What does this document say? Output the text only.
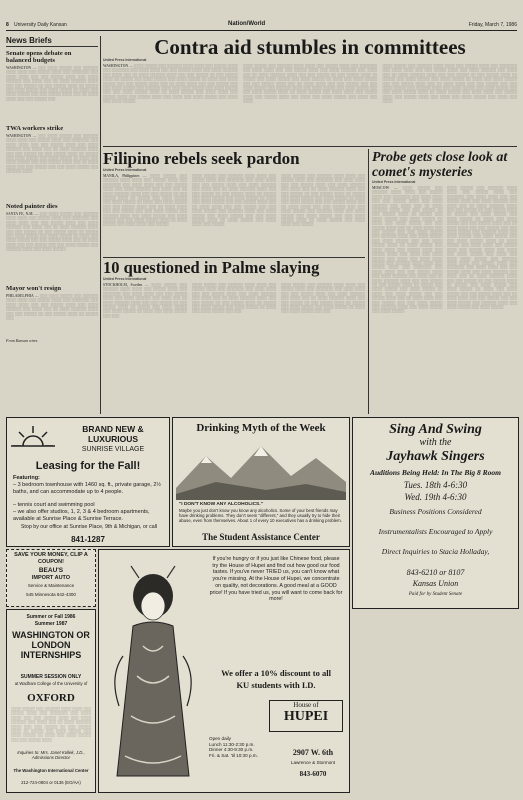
8 University Daily Kansan	Nation/World	Friday, March 7, 1986
News Briefs
Senate opens debate on balanced budgets
WASHINGTON — ░░░ ░░░░ ░░░░░ ░░░ ░░░░░░ ░░░░ ░░░░ ░░░ ░░░░░ ░░░░ ░░░ ░░░░░░░ ░░░ ░░░░ ░░░░ ░░░ ░░░ ░░░░░ ░░░░ ░░░ ░░░░ ░░░░░░ ░░░ ░░░░ ░░░ ░░ ░░░░ ░░░░░░ ░░░░ ░░░ ░░░ ░░░░░ ░░ ░░░ ░░░░░ ░░░░ ░░ ░░░░░ ░░░ ░░░░ ░░░░░ ░░░ ░░░░ ░░░░░ ░░ ░░░░ ░░░ ░░░░ ░░░░░ ░░░ ░░░ ░░░░░ ░░░░ ░░░ ░░ ░░░░ ░░░░ ░░░ ░░░ ░░░░░ ░░░
TWA workers strike
WASHINGTON — ░░░ ░░░░ ░░░░░ ░░░ ░░░░░░ ░░░░ ░░░░ ░░░ ░░░░░ ░░░░ ░░░ ░░░░░░░ ░░░ ░░░░ ░░░░ ░░░ ░░░ ░░░░░ ░░░░ ░░░ ░░░░ ░░░░░░ ░░░ ░░░░ ░░░ ░░ ░░░░ ░░░░░░ ░░░░ ░░░ ░░░ ░░░░░ ░░ ░░░ ░░░░░ ░░░░ ░░ ░░░░░ ░░░ ░░░░ ░░░░░ ░░░ ░░░░ ░░░░░ ░░ ░░░░ ░░░ ░░░░ ░░░░░ ░░░ ░░░ ░░░░░ ░░░░ ░░░ ░░ ░░░░ ░░░░ ░░░ ░░░ ░░░░░ ░░░ ░░░ ░░░░ ░░░░░ ░░░ ░░░░░░ ░░░░
Noted painter dies
SANTA FE, N.M. — ░░░ ░░░░ ░░░░░ ░░░ ░░░░░░ ░░░░ ░░░░ ░░░ ░░░░░ ░░░░ ░░░ ░░░░░░░ ░░░ ░░░░ ░░░░ ░░░ ░░░ ░░░░░ ░░░░ ░░░ ░░░░ ░░░░░░ ░░░ ░░░░ ░░░ ░░ ░░░░ ░░░░░░ ░░░░ ░░░ ░░░ ░░░░░ ░░ ░░░ ░░░░░ ░░░░ ░░ ░░░░░ ░░░ ░░░░ ░░░░░ ░░░ ░░░░ ░░░░░ ░░ ░░░░ ░░░ ░░░░ ░░░░░ ░░░ ░░░ ░░░░░ ░░░░ ░░░ ░░ ░░░░ ░░░░ ░░░ ░░░ ░░░░░ ░░░ ░░░ ░░░░ ░░░░░ ░░░ ░░░░░░ ░░░░ ░░░ ░░░░ ░░░░░
Mayor won't resign
PHILADELPHIA — ░░░ ░░░░ ░░░░░ ░░░ ░░░░░░ ░░░░ ░░░░ ░░░ ░░░░░ ░░░░ ░░░ ░░░░░░░ ░░░ ░░░░ ░░░░ ░░░ ░░░ ░░░░░ ░░░░ ░░░ ░░░░ ░░░░░░ ░░░ ░░░░ ░░░ ░░ ░░░░ ░░░░░░ ░░░░ ░░░ ░░░ ░░░░░ ░░ ░░░ ░░░░░ ░░░░ ░░ ░░░░░ ░░░
From Kansan wires
Contra aid stumbles in committees
United Press International
WASHINGTON — ░░░░ ░░░░░ ░░░ ░░░░░░ ░░░░ ░░░░ ░░░ ░░░░░ ░░░░ ░░░ ░░░░░░░ ░░░ ░░░░ ░░░░ ░░░ ░░░ ░░░░░ ░░░░ ░░░ ░░░░ ░░░░░░ ░░░ ░░░░ ░░░ ░░ ░░░░ ░░░░░░ ░░░░ ░░░ ░░░ ░░░░░ ░░ ░░░ ░░░░░ ░░░░ ░░ ░░░░░ ░░░ ░░░░ ░░░░░ ░░░ ░░░░ ░░░░░ ░░ ░░░░ ░░░ ░░░░ ░░░░░ ░░░ ░░░ ░░░░░ ░░░░ ░░░ ░░ ░░░░ ░░░░ ░░░ ░░░ ░░░░░ ░░░ ░░░ ░░░░ ░░░░░ ░░░ ░░░░░░ ░░░░ ░░░ ░░░░ ░░░░░ ░░░ ░░░░ ░░░░░ ░░░ ░░░ ░░░░ ░░░░░ ░░░░ ░░ ░░░░ ░░░░░ ░░░ ░░░░ ░░░░ ░░░ ░░░░░ ░░░░ ░░░ ░░░░░ ░░░░ ░░░ ░░░░ ░░░ ░░░░ ░░░░░ ░░░ ░░░░ ░░░ ░░░░ ░░░░░
░░░░ ░░░░░ ░░░ ░░░░░░ ░░░░ ░░░░ ░░░ ░░░░░ ░░░░ ░░░ ░░░░░░░ ░░░ ░░░░ ░░░░ ░░░ ░░░ ░░░░░ ░░░░ ░░░ ░░░░ ░░░░░░ ░░░ ░░░░ ░░░ ░░ ░░░░ ░░░░░░ ░░░░ ░░░ ░░░ ░░░░░ ░░ ░░░ ░░░░░ ░░░░ ░░ ░░░░░ ░░░ ░░░░ ░░░░░ ░░░ ░░░░ ░░░░░ ░░ ░░░░ ░░░ ░░░░ ░░░░░ ░░░ ░░░ ░░░░░ ░░░░ ░░░ ░░ ░░░░ ░░░░ ░░░ ░░░ ░░░░░ ░░░ ░░░ ░░░░ ░░░░░ ░░░ ░░░░░░ ░░░░ ░░░ ░░░░ ░░░░░ ░░░ ░░░░ ░░░░░ ░░░ ░░░ ░░░░ ░░░░░ ░░░░ ░░ ░░░░ ░░░░░ ░░░ ░░░░ ░░░░ ░░░ ░░░░░ ░░░░ ░░░ ░░░░░ ░░░░ ░░░ ░░░░ ░░░ ░░░░ ░░░░░ ░░░ ░░░░ ░░░ ░░░░
░░░░ ░░░░░ ░░░ ░░░░░░ ░░░░ ░░░░ ░░░ ░░░░░ ░░░░ ░░░ ░░░░░░░ ░░░ ░░░░ ░░░░ ░░░ ░░░ ░░░░░ ░░░░ ░░░ ░░░░ ░░░░░░ ░░░ ░░░░ ░░░ ░░ ░░░░ ░░░░░░ ░░░░ ░░░ ░░░ ░░░░░ ░░ ░░░ ░░░░░ ░░░░ ░░ ░░░░░ ░░░ ░░░░ ░░░░░ ░░░ ░░░░ ░░░░░ ░░ ░░░░ ░░░ ░░░░ ░░░░░ ░░░ ░░░ ░░░░░ ░░░░ ░░░ ░░ ░░░░ ░░░░ ░░░ ░░░ ░░░░░ ░░░ ░░░ ░░░░ ░░░░░ ░░░ ░░░░░░ ░░░░ ░░░ ░░░░ ░░░░░ ░░░ ░░░░ ░░░░░ ░░░ ░░░ ░░░░ ░░░░░ ░░░░ ░░ ░░░░ ░░░░░ ░░░ ░░░░ ░░░░ ░░░ ░░░░░ ░░░░ ░░░ ░░░░░ ░░░░ ░░░ ░░░░ ░░░ ░░░░ ░░░░░ ░░░ ░░░░ ░░░ ░░░░
Filipino rebels seek pardon
United Press International
MANILA, Philippines — ░░░░ ░░░░░ ░░░ ░░░░░░ ░░░░ ░░░░ ░░░ ░░░░░ ░░░░ ░░░ ░░░░░░░ ░░░ ░░░░ ░░░░ ░░░ ░░░ ░░░░░ ░░░░ ░░░ ░░░░ ░░░░░░ ░░░ ░░░░ ░░░ ░░ ░░░░ ░░░░░░ ░░░░ ░░░ ░░░ ░░░░░ ░░ ░░░ ░░░░░ ░░░░ ░░ ░░░░░ ░░░ ░░░░ ░░░░░ ░░░ ░░░░ ░░░░░ ░░ ░░░░ ░░░ ░░░░ ░░░░░ ░░░ ░░░ ░░░░░ ░░░░ ░░░ ░░ ░░░░ ░░░░ ░░░ ░░░ ░░░░░ ░░░ ░░░ ░░░░ ░░░░░ ░░░ ░░░░░░ ░░░░ ░░░ ░░░░ ░░░░░ ░░░ ░░░░ ░░░░░ ░░░ ░░░ ░░░░ ░░░░░ ░░░░ ░░ ░░░░ ░░░░░ ░░░ ░░░░ ░░░░ ░░░ ░░░░░
░░░░ ░░░░░ ░░░ ░░░░░░ ░░░░ ░░░░ ░░░ ░░░░░ ░░░░ ░░░ ░░░░░░░ ░░░ ░░░░ ░░░░ ░░░ ░░░ ░░░░░ ░░░░ ░░░ ░░░░ ░░░░░░ ░░░ ░░░░ ░░░ ░░ ░░░░ ░░░░░░ ░░░░ ░░░ ░░░ ░░░░░ ░░ ░░░ ░░░░░ ░░░░ ░░ ░░░░░ ░░░ ░░░░ ░░░░░ ░░░ ░░░░ ░░░░░ ░░ ░░░░ ░░░ ░░░░ ░░░░░ ░░░ ░░░ ░░░░░ ░░░░ ░░░ ░░ ░░░░ ░░░░ ░░░ ░░░ ░░░░░ ░░░ ░░░ ░░░░ ░░░░░ ░░░ ░░░░░░ ░░░░ ░░░ ░░░░ ░░░░░ ░░░ ░░░░ ░░░░░ ░░░ ░░░ ░░░░ ░░░░░ ░░░░ ░░ ░░░░ ░░░░░ ░░░ ░░░░ ░░░░ ░░░ ░░░░░
░░░░ ░░░░░ ░░░ ░░░░░░ ░░░░ ░░░░ ░░░ ░░░░░ ░░░░ ░░░ ░░░░░░░ ░░░ ░░░░ ░░░░ ░░░ ░░░ ░░░░░ ░░░░ ░░░ ░░░░ ░░░░░░ ░░░ ░░░░ ░░░ ░░ ░░░░ ░░░░░░ ░░░░ ░░░ ░░░ ░░░░░ ░░ ░░░ ░░░░░ ░░░░ ░░ ░░░░░ ░░░ ░░░░ ░░░░░ ░░░ ░░░░ ░░░░░ ░░ ░░░░ ░░░ ░░░░ ░░░░░ ░░░ ░░░ ░░░░░ ░░░░ ░░░ ░░ ░░░░ ░░░░ ░░░ ░░░ ░░░░░ ░░░ ░░░ ░░░░ ░░░░░ ░░░ ░░░░░░ ░░░░ ░░░ ░░░░ ░░░░░ ░░░ ░░░░ ░░░░░ ░░░ ░░░ ░░░░ ░░░░░ ░░░░ ░░ ░░░░ ░░░░░ ░░░ ░░░░ ░░░░ ░░░ ░░░░░
10 questioned in Palme slaying
United Press International
STOCKHOLM, Sweden — ░░░░ ░░░░░ ░░░ ░░░░░░ ░░░░ ░░░░ ░░░ ░░░░░ ░░░░ ░░░ ░░░░░░░ ░░░ ░░░░ ░░░░ ░░░ ░░░ ░░░░░ ░░░░ ░░░ ░░░░ ░░░░░░ ░░░ ░░░░ ░░░ ░░ ░░░░ ░░░░░░ ░░░░ ░░░ ░░░ ░░░░░ ░░ ░░░ ░░░░░ ░░░░ ░░ ░░░░░ ░░░ ░░░░ ░░░░░ ░░░ ░░░░ ░░░░░ ░░ ░░░░ ░░░ ░░░░ ░░░░░ ░░░ ░░░
░░░░ ░░░░░ ░░░ ░░░░░░ ░░░░ ░░░░ ░░░ ░░░░░ ░░░░ ░░░ ░░░░░░░ ░░░ ░░░░ ░░░░ ░░░ ░░░ ░░░░░ ░░░░ ░░░ ░░░░ ░░░░░░ ░░░ ░░░░ ░░░ ░░ ░░░░ ░░░░░░ ░░░░ ░░░ ░░░ ░░░░░ ░░ ░░░ ░░░░░ ░░░░ ░░ ░░░░░ ░░░ ░░░░ ░░░░░ ░░░ ░░░░ ░░░░░ ░░ ░░░░ ░░░ ░░░░ ░░░░░ ░░░ ░░░
░░░░ ░░░░░ ░░░ ░░░░░░ ░░░░ ░░░░ ░░░ ░░░░░ ░░░░ ░░░ ░░░░░░░ ░░░ ░░░░ ░░░░ ░░░ ░░░ ░░░░░ ░░░░ ░░░ ░░░░ ░░░░░░ ░░░ ░░░░ ░░░ ░░ ░░░░ ░░░░░░ ░░░░ ░░░ ░░░ ░░░░░ ░░ ░░░ ░░░░░ ░░░░ ░░ ░░░░░ ░░░ ░░░░ ░░░░░ ░░░ ░░░░ ░░░░░ ░░ ░░░░ ░░░ ░░░░ ░░░░░ ░░░ ░░░
Probe gets close look at comet's mysteries
United Press International
MOSCOW — ░░░░ ░░░░░ ░░░ ░░░░░░ ░░░░ ░░░░ ░░░ ░░░░░ ░░░░ ░░░ ░░░░░░░ ░░░ ░░░░ ░░░░ ░░░ ░░░ ░░░░░ ░░░░ ░░░ ░░░░ ░░░░░░ ░░░ ░░░░ ░░░ ░░ ░░░░ ░░░░░░ ░░░░ ░░░ ░░░ ░░░░░ ░░ ░░░ ░░░░░ ░░░░ ░░ ░░░░░ ░░░ ░░░░ ░░░░░ ░░░ ░░░░ ░░░░░ ░░ ░░░░ ░░░ ░░░░ ░░░░░ ░░░ ░░░ ░░░░░ ░░░░ ░░░ ░░ ░░░░ ░░░░ ░░░ ░░░ ░░░░░ ░░░ ░░░ ░░░░ ░░░░░ ░░░ ░░░░░░ ░░░░ ░░░ ░░░░ ░░░░░ ░░░ ░░░░ ░░░░░ ░░░ ░░░ ░░░░ ░░░░░ ░░░░ ░░ ░░░░ ░░░░░ ░░░ ░░░░ ░░░░ ░░░ ░░░░░ ░░░░ ░░░ ░░░░░ ░░░░ ░░░ ░░░░ ░░░ ░░░░ ░░░░░ ░░░ ░░░░ ░░░ ░░░░ ░░░░ ░░░░░ ░░░ ░░░░░░ ░░░░ ░░░░ ░░░ ░░░░░ ░░░░ ░░░ ░░░░░░░ ░░░ ░░░░ ░░░░ ░░░ ░░░ ░░░░░ ░░░░ ░░░ ░░░░ ░░░░░░ ░░░ ░░░░ ░░░ ░░ ░░░░ ░░░░░░ ░░░░ ░░░ ░░░ ░░░░░ ░░ ░░░ ░░░░░ ░░░░ ░░ ░░░░░ ░░░ ░░░░ ░░░░░ ░░░ ░░░░ ░░░░░ ░░ ░░░░ ░░░ ░░░░ ░░░░░ ░░░ ░░░ ░░░░░ ░░░░ ░░░ ░░ ░░░░ ░░░░ ░░░ ░░░ ░░░░░ ░░░ ░░░ ░░░░ ░░░░░ ░░░ ░░░░░░ ░░░░ ░░░ ░░░░ ░░░░░ ░░░ ░░░░ ░░░░░
░░░░ ░░░░░ ░░░ ░░░░░░ ░░░░ ░░░░ ░░░ ░░░░░ ░░░░ ░░░ ░░░░░░░ ░░░ ░░░░ ░░░░ ░░░ ░░░ ░░░░░ ░░░░ ░░░ ░░░░ ░░░░░░ ░░░ ░░░░ ░░░ ░░ ░░░░ ░░░░░░ ░░░░ ░░░ ░░░ ░░░░░ ░░ ░░░ ░░░░░ ░░░░ ░░ ░░░░░ ░░░ ░░░░ ░░░░░ ░░░ ░░░░ ░░░░░ ░░ ░░░░ ░░░ ░░░░ ░░░░░ ░░░ ░░░ ░░░░░ ░░░░ ░░░ ░░ ░░░░ ░░░░ ░░░ ░░░ ░░░░░ ░░░ ░░░ ░░░░ ░░░░░ ░░░ ░░░░░░ ░░░░ ░░░ ░░░░ ░░░░░ ░░░ ░░░░ ░░░░░ ░░░ ░░░ ░░░░ ░░░░░ ░░░░ ░░ ░░░░ ░░░░░ ░░░ ░░░░ ░░░░ ░░░ ░░░░░ ░░░░ ░░░ ░░░░░ ░░░░ ░░░ ░░░░ ░░░ ░░░░ ░░░░░ ░░░ ░░░░ ░░░ ░░░░ ░░░░ ░░░░░ ░░░ ░░░░░░ ░░░░ ░░░░ ░░░ ░░░░░ ░░░░ ░░░ ░░░░░░░ ░░░ ░░░░ ░░░░ ░░░ ░░░ ░░░░░ ░░░░ ░░░ ░░░░ ░░░░░░ ░░░ ░░░░ ░░░ ░░ ░░░░ ░░░░░░ ░░░░ ░░░ ░░░ ░░░░░ ░░ ░░░ ░░░░░ ░░░░ ░░ ░░░░░ ░░░ ░░░░ ░░░░░ ░░░ ░░░░ ░░░░░ ░░ ░░░░ ░░░ ░░░░ ░░░░░ ░░░ ░░░ ░░░░░ ░░░░ ░░░ ░░ ░░░░ ░░░░ ░░░ ░░░ ░░░░░ ░░░ ░░░ ░░░░ ░░░░░ ░░░ ░░░░░░ ░░░░ ░░░ ░░░░ ░░░░░ ░░░ ░░░░ ░░░░░
BRAND NEW & LUXURIOUS
SUNRISE VILLAGE
Leasing for the Fall!
Featuring:
– 3 bedroom townhouse with 1460 sq. ft., private garage, 2½ baths, and can accommodate up to 4 people.
– tennis court and swimming pool
– we also offer studios, 1, 2, 3 & 4 bedroom apartments, available at Sunrise Place & Sunrise Terrace.
Stop by our office at Sunrise Place, 9th & Michigan, or call
841-1287
Drinking Myth of the Week
"I DON'T KNOW ANY ALCOHOLICS."
Maybe you just don't know you know any alcoholics. Some of your best friends may have drinking problems. They don't seem "different," and they usually try to hide their abuse, even from themselves. About 1 of every 10 executives has a drinking problem.
The Student Assistance Center
Sing And Swing
with the
Jayhawk Singers
Auditions Being Held: In The Big 8 Room
Tues. 18th 4-6:30
Wed. 19th 4-6:30
Business Positions Considered
Instrumentalists Encouraged to Apply
Direct Inquiries to Stacia Holladay,
843-6210 or 8107
Kansas Union
Paid for by Student Senate
SAVE YOUR MONEY, CLIP A COUPON!
BEAU'S
IMPORT AUTO
Service & Maintenance
545 Minnesota 842-4300
Summer or Fall 1986
Summer 1987
WASHINGTON OR LONDON INTERNSHIPS
SUMMER SESSION ONLY
at Wadham College of the University of
OXFORD
░░░░ ░░░░░ ░░░ ░░░░░░ ░░░░ ░░░░ ░░░ ░░░░░ ░░░░ ░░░ ░░░░░░░ ░░░ ░░░░ ░░░░ ░░░ ░░░ ░░░░░ ░░░░ ░░░ ░░░░ ░░░░░░ ░░░ ░░░░ ░░░ ░░ ░░░░ ░░░░░░ ░░░░ ░░░ ░░░ ░░░░░ ░░ ░░░ ░░░░░ ░░░░ ░░ ░░░░░ ░░░ ░░░░ ░░░░░ ░░░ ░░░░ ░░░░░ ░░ ░░░░ ░░░ ░░░░ ░░░░░ ░░░ ░░░ ░░░░░ ░░░░
Inquiries to: Mrs. Janet Kollek, J.D., Admissions Director
The Washington International Center
212-724-0804 or 0136 (EO/AA)
If you're hungry or if you just like Chinese food, please try the House of Hupei and find out how good our food tastes. If you've never TRIED us, you can't know what you're missing. At the House of Hupei, we concentrate on quality, not decorations. A good meal at a GOOD price! If you have tried us, you will want to come back for more!
We offer a 10% discount to all
KU students with I.D.
House of
HUPEI
Open daily
Lunch 11:30-2:30 p.m.
Dinner 4:30-9:30 p.m.
Fri. & Sat. 'til 10:30 p.m.	2907 W. 6th
Lawrence & Stormont
843-6070
